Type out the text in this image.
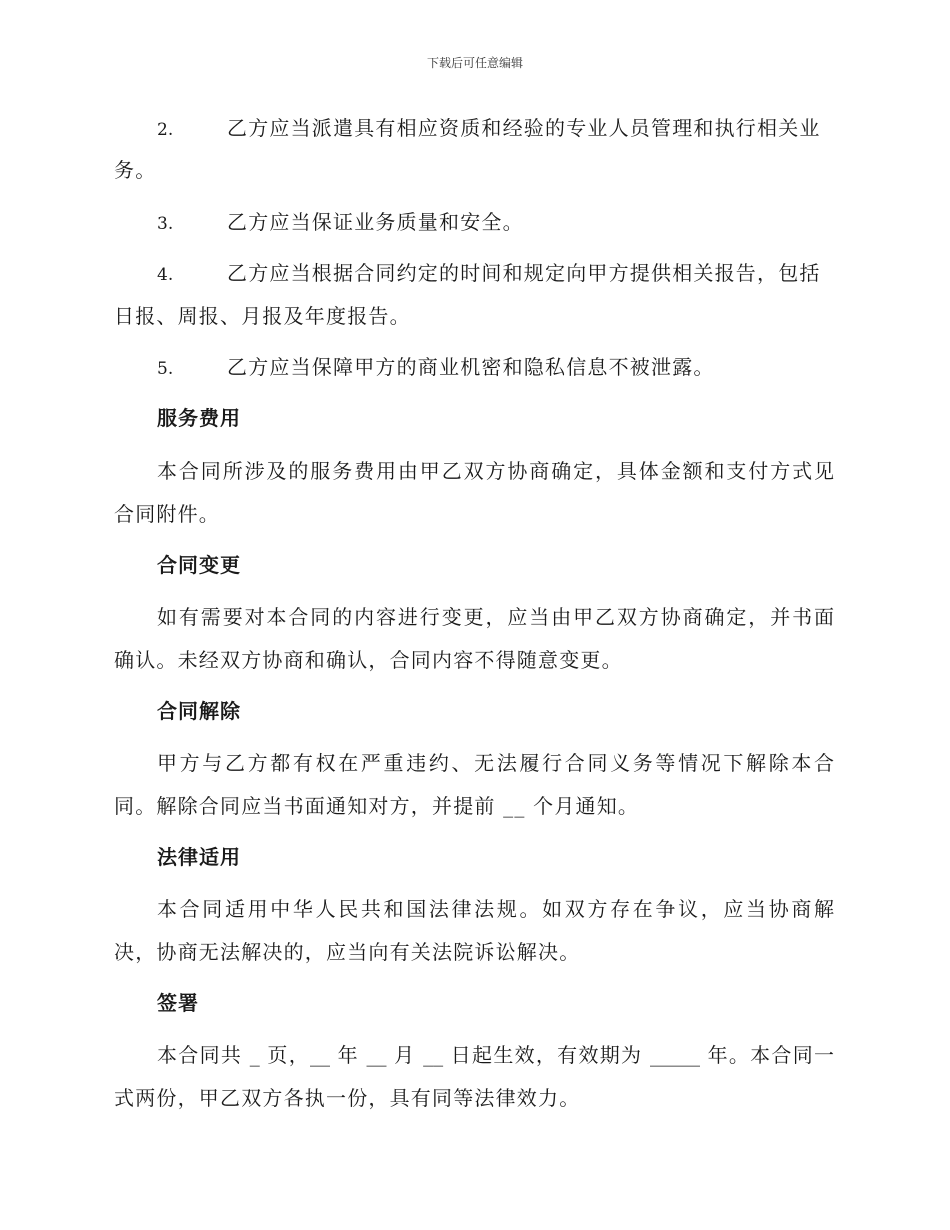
下载后可任意编辑
2.	乙方应当派遣具有相应资质和经验的专业人员管理和执行相关业
务。
3.	乙方应当保证业务质量和安全。
4.	乙方应当根据合同约定的时间和规定向甲方提供相关报告，包括
日报、周报、月报及年度报告。
5.	乙方应当保障甲方的商业机密和隐私信息不被泄露。
服务费用
本合同所涉及的服务费用由甲乙双方协商确定，具体金额和支付方式见
合同附件。
合同变更
如有需要对本合同的内容进行变更，应当由甲乙双方协商确定，并书面
确认。未经双方协商和确认，合同内容不得随意变更。
合同解除
甲方与乙方都有权在严重违约、无法履行合同义务等情况下解除本合
同。解除合同应当书面通知对方，并提前 __ 个月通知。
法律适用
本合同适用中华人民共和国法律法规。如双方存在争议，应当协商解
决，协商无法解决的，应当向有关法院诉讼解决。
签署
本合同共 _ 页，__ 年 __ 月 __ 日起生效，有效期为 _____ 年。本合同一
式两份，甲乙双方各执一份，具有同等法律效力。
